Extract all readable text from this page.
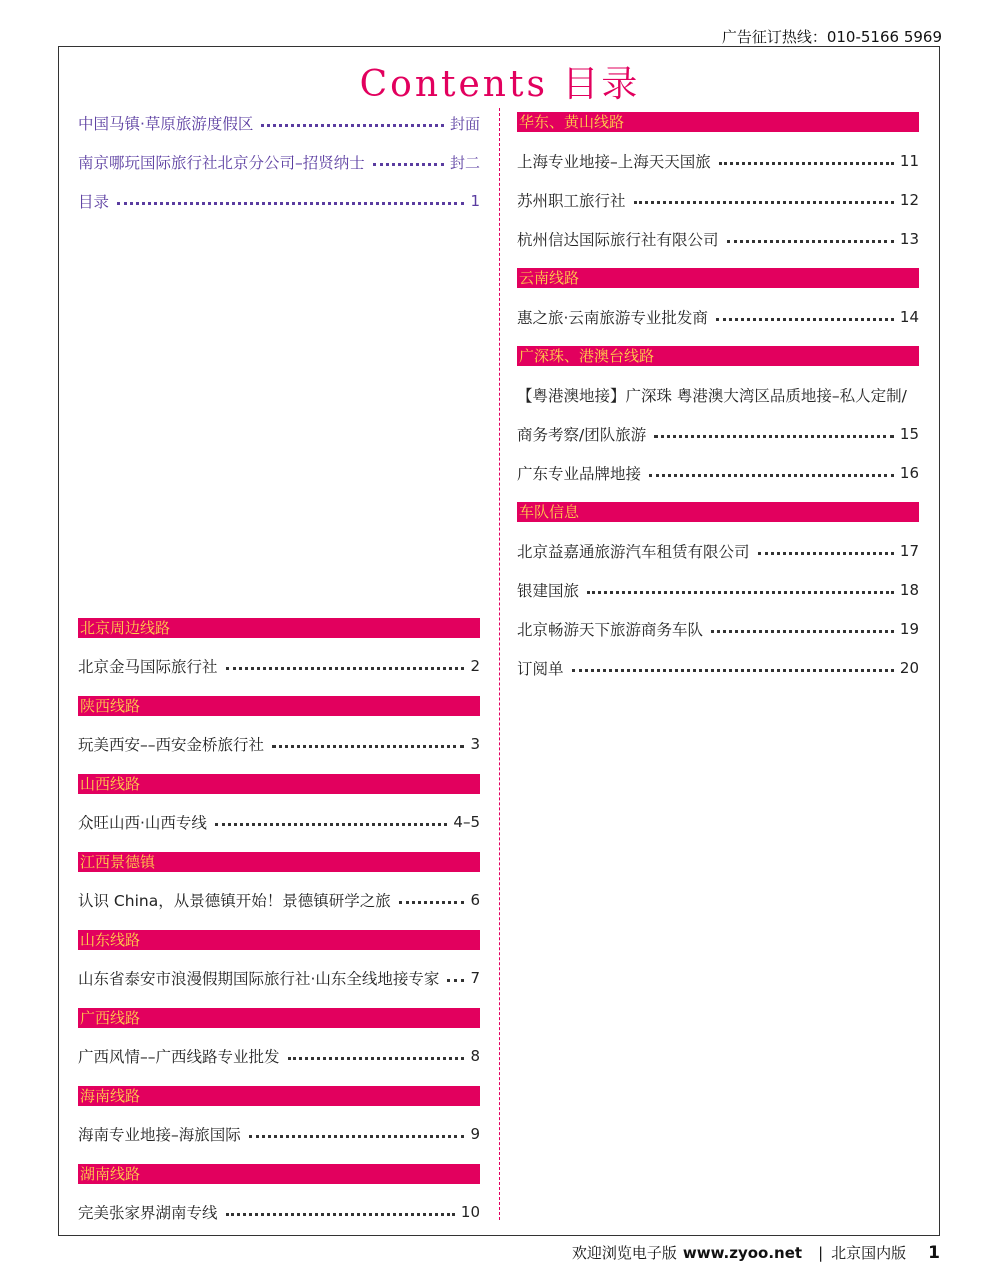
广告征订热线：010-5166 5969
Contents 目录
中国马镇·草原旅游度假区	封面
南京哪玩国际旅行社北京分公司–招贤纳士	封二
目录	1
北京周边线路
北京金马国际旅行社	2
陕西线路
玩美西安––西安金桥旅行社	3
山西线路
众旺山西·山西专线	4–5
江西景德镇
认识 China，从景德镇开始！景德镇研学之旅	6
山东线路
山东省泰安市浪漫假期国际旅行社·山东全线地接专家 7
广西线路
广西风情––广西线路专业批发	8
海南线路
海南专业地接–海旅国际	9
湖南线路
完美张家界湖南专线	10
华东、黄山线路
上海专业地接–上海天天国旅	11
苏州职工旅行社	12
杭州信达国际旅行社有限公司	13
云南线路
惠之旅·云南旅游专业批发商	14
广深珠、港澳台线路
【粤港澳地接】广深珠 粤港澳大湾区品质地接–私人定制/
商务考察/团队旅游	15
广东专业品牌地接	16
车队信息
北京益嘉通旅游汽车租赁有限公司	17
银建国旅	18
北京畅游天下旅游商务车队	19
订阅单	20
欢迎浏览电子版 www.zyoo.net | 北京国内版 1
